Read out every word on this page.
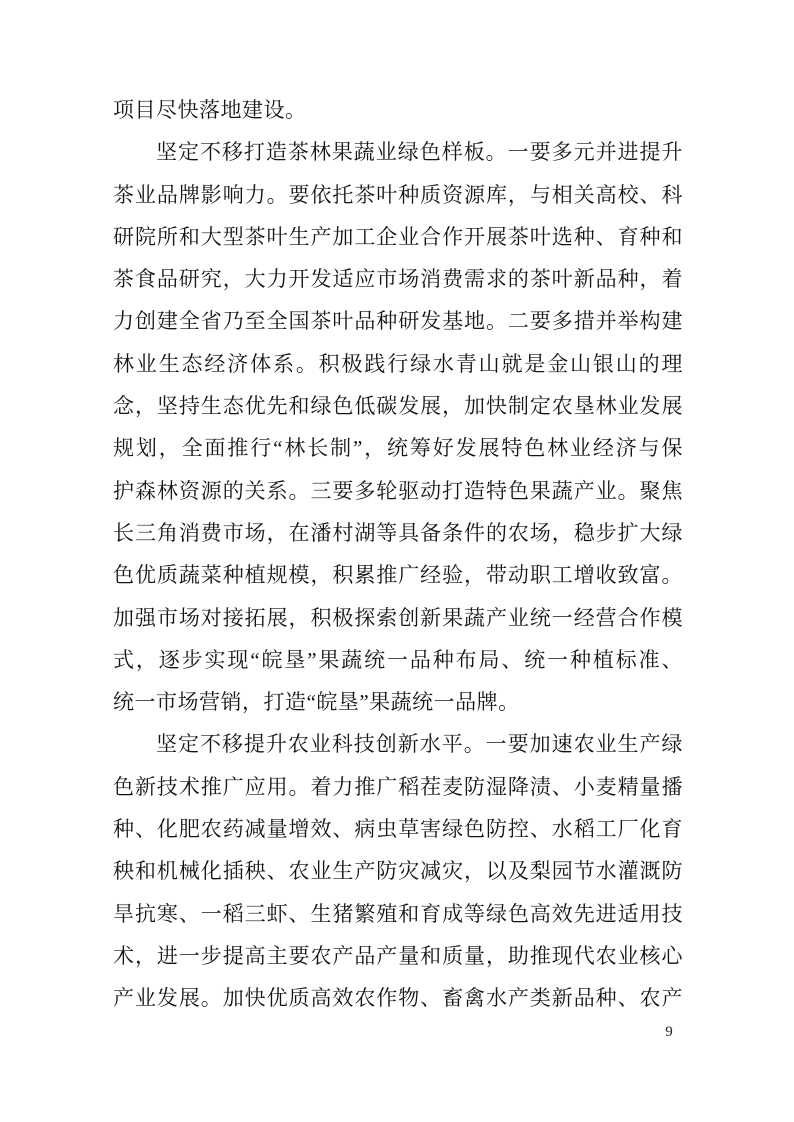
项目尽快落地建设。
坚定不移打造茶林果蔬业绿色样板。一要多元并进提升
茶业品牌影响力。要依托茶叶种质资源库，与相关高校、科
研院所和大型茶叶生产加工企业合作开展茶叶选种、育种和
茶食品研究，大力开发适应市场消费需求的茶叶新品种，着
力创建全省乃至全国茶叶品种研发基地。二要多措并举构建
林业生态经济体系。积极践行绿水青山就是金山银山的理
念，坚持生态优先和绿色低碳发展，加快制定农垦林业发展
规划，全面推行“林长制”，统筹好发展特色林业经济与保
护森林资源的关系。三要多轮驱动打造特色果蔬产业。聚焦
长三角消费市场，在潘村湖等具备条件的农场，稳步扩大绿
色优质蔬菜种植规模，积累推广经验，带动职工增收致富。
加强市场对接拓展，积极探索创新果蔬产业统一经营合作模
式，逐步实现“皖垦”果蔬统一品种布局、统一种植标准、
统一市场营销，打造“皖垦”果蔬统一品牌。
坚定不移提升农业科技创新水平。一要加速农业生产绿
色新技术推广应用。着力推广稻茬麦防湿降渍、小麦精量播
种、化肥农药减量增效、病虫草害绿色防控、水稻工厂化育
秧和机械化插秧、农业生产防灾减灾，以及梨园节水灌溉防
旱抗寒、一稻三虾、生猪繁殖和育成等绿色高效先进适用技
术，进一步提高主要农产品产量和质量，助推现代农业核心
产业发展。加快优质高效农作物、畜禽水产类新品种、农产
9
